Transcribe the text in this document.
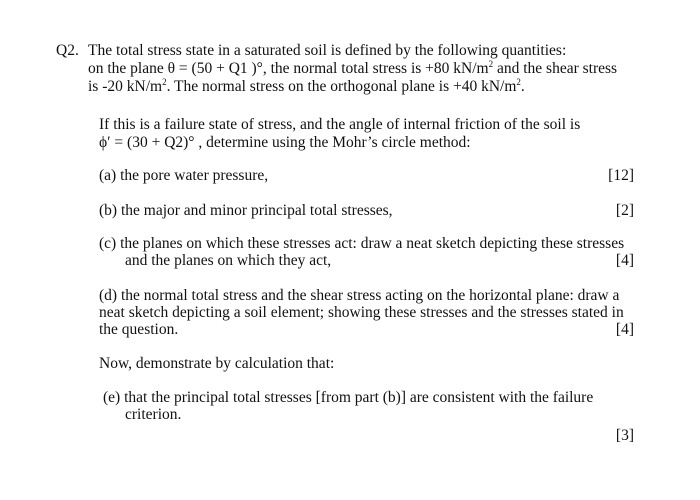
Q2. The total stress state in a saturated soil is defined by the following quantities:
on the plane θ = (50 + Q1 )°, the normal total stress is +80 $kN/m^2$ and the shear stress
is -20 $kN/m^2$. The normal stress on the orthogonal plane is +40 $kN/m^2$.
If this is a failure state of stress, and the angle of internal friction of the soil is
ϕ′ = (30 + Q2)° , determine using the Mohr’s circle method:
(a) the pore water pressure,	[12]
(b) the major and minor principal total stresses,	[2]
(c) the planes on which these stresses act: draw a neat sketch depicting these stresses
and the planes on which they act,	[4]
(d) the normal total stress and the shear stress acting on the horizontal plane: draw a
neat sketch depicting a soil element; showing these stresses and the stresses stated in
the question.	[4]
Now, demonstrate by calculation that:
(e) that the principal total stresses [from part (b)] are consistent with the failure
criterion.
[3]
